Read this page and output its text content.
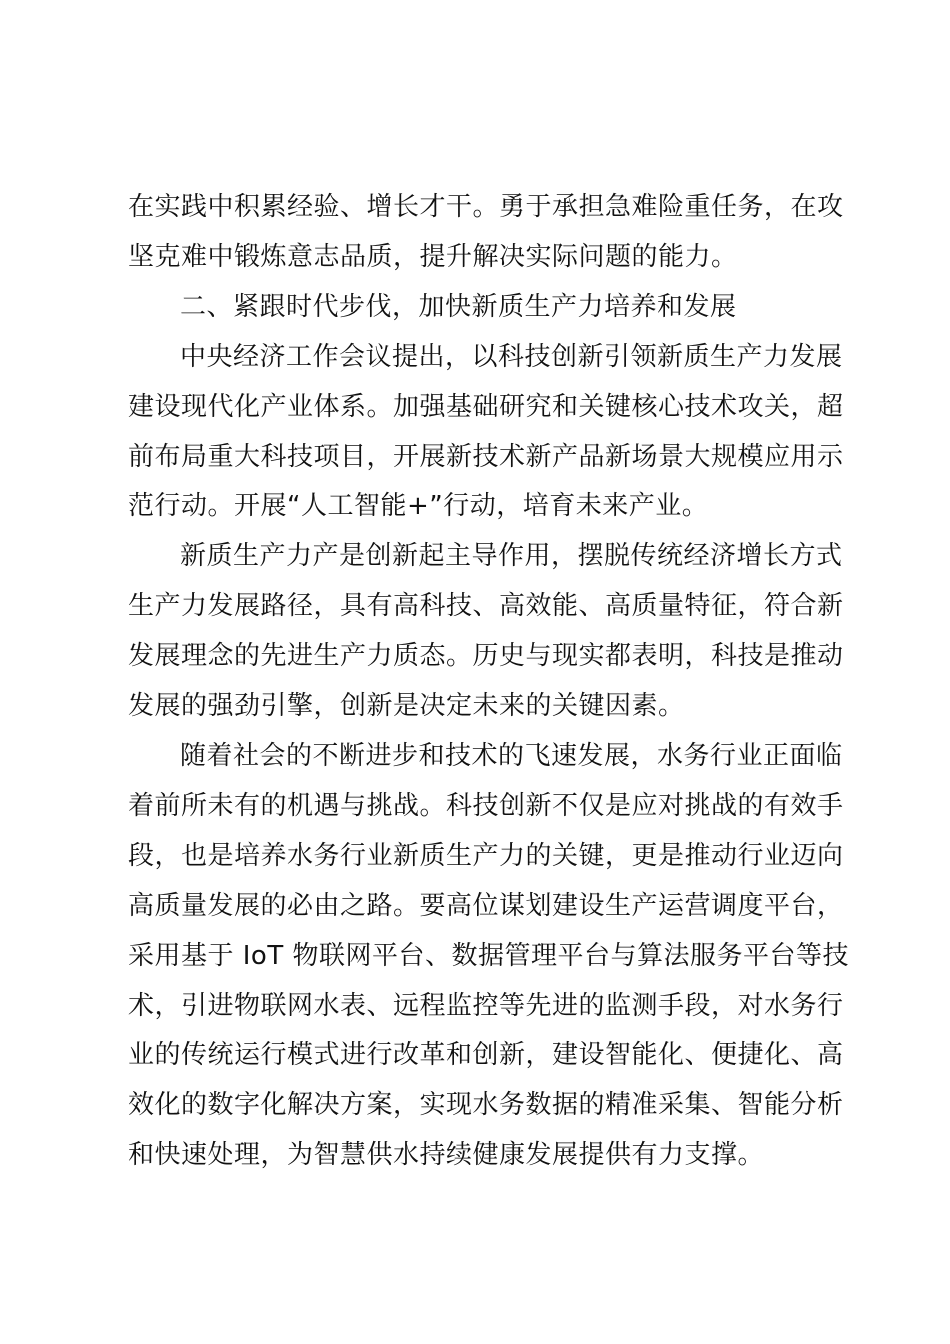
在实践中积累经验、增长才干。勇于承担急难险重任务，在攻
坚克难中锻炼意志品质，提升解决实际问题的能力。

二、紧跟时代步伐，加快新质生产力培养和发展

中央经济工作会议提出，以科技创新引领新质生产力发展
建设现代化产业体系。加强基础研究和关键核心技术攻关，超
前布局重大科技项目，开展新技术新产品新场景大规模应用示
范行动。开展“人工智能+”行动，培育未来产业。

新质生产力产是创新起主导作用，摆脱传统经济增长方式
生产力发展路径，具有高科技、高效能、高质量特征，符合新
发展理念的先进生产力质态。历史与现实都表明，科技是推动
发展的强劲引擎，创新是决定未来的关键因素。

随着社会的不断进步和技术的飞速发展，水务行业正面临
着前所未有的机遇与挑战。科技创新不仅是应对挑战的有效手
段，也是培养水务行业新质生产力的关键，更是推动行业迈向
高质量发展的必由之路。要高位谋划建设生产运营调度平台，
采用基于 IoT 物联网平台、数据管理平台与算法服务平台等技
术，引进物联网水表、远程监控等先进的监测手段，对水务行
业的传统运行模式进行改革和创新，建设智能化、便捷化、高
效化的数字化解决方案，实现水务数据的精准采集、智能分析
和快速处理，为智慧供水持续健康发展提供有力支撑。
